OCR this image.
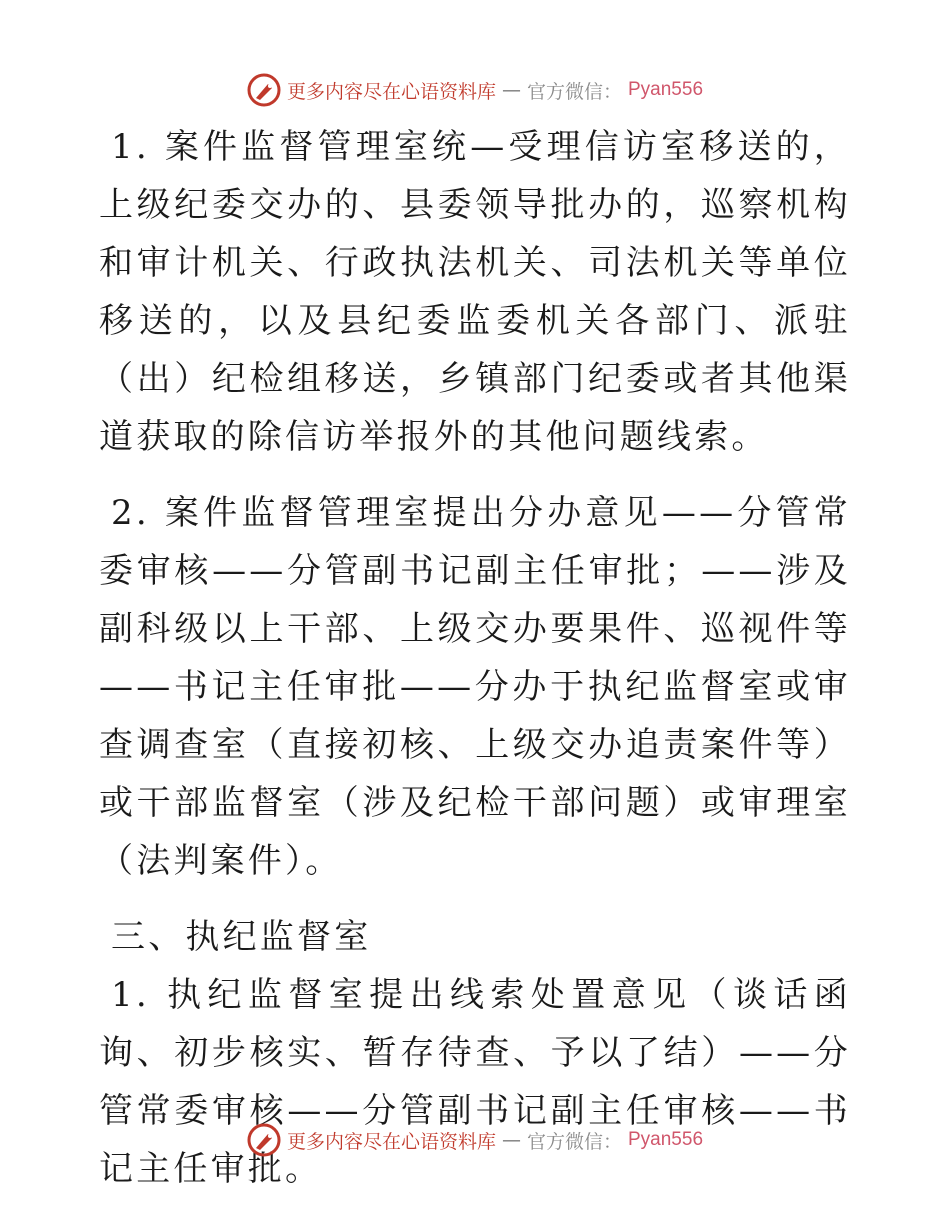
更多内容尽在心语资料库 — 官方微信： Pyan556

1. 案件监督管理室统—受理信访室移送的，上级纪委交办的、县委领导批办的，巡察机构和审计机关、行政执法机关、司法机关等单位移送的，以及县纪委监委机关各部门、派驻（出）纪检组移送，乡镇部门纪委或者其他渠道获取的除信访举报外的其他问题线索。

2. 案件监督管理室提出分办意见——分管常委审核——分管副书记副主任审批；——涉及副科级以上干部、上级交办要果件、巡视件等——书记主任审批——分办于执纪监督室或审查调查室（直接初核、上级交办追责案件等）或干部监督室（涉及纪检干部问题）或审理室（法判案件）。

三、执纪监督室

1. 执纪监督室提出线索处置意见（谈话函询、初步核实、暂存待查、予以了结）——分管常委审核——分管副书记副主任审核——书记主任审批。

更多内容尽在心语资料库 — 官方微信： Pyan556
